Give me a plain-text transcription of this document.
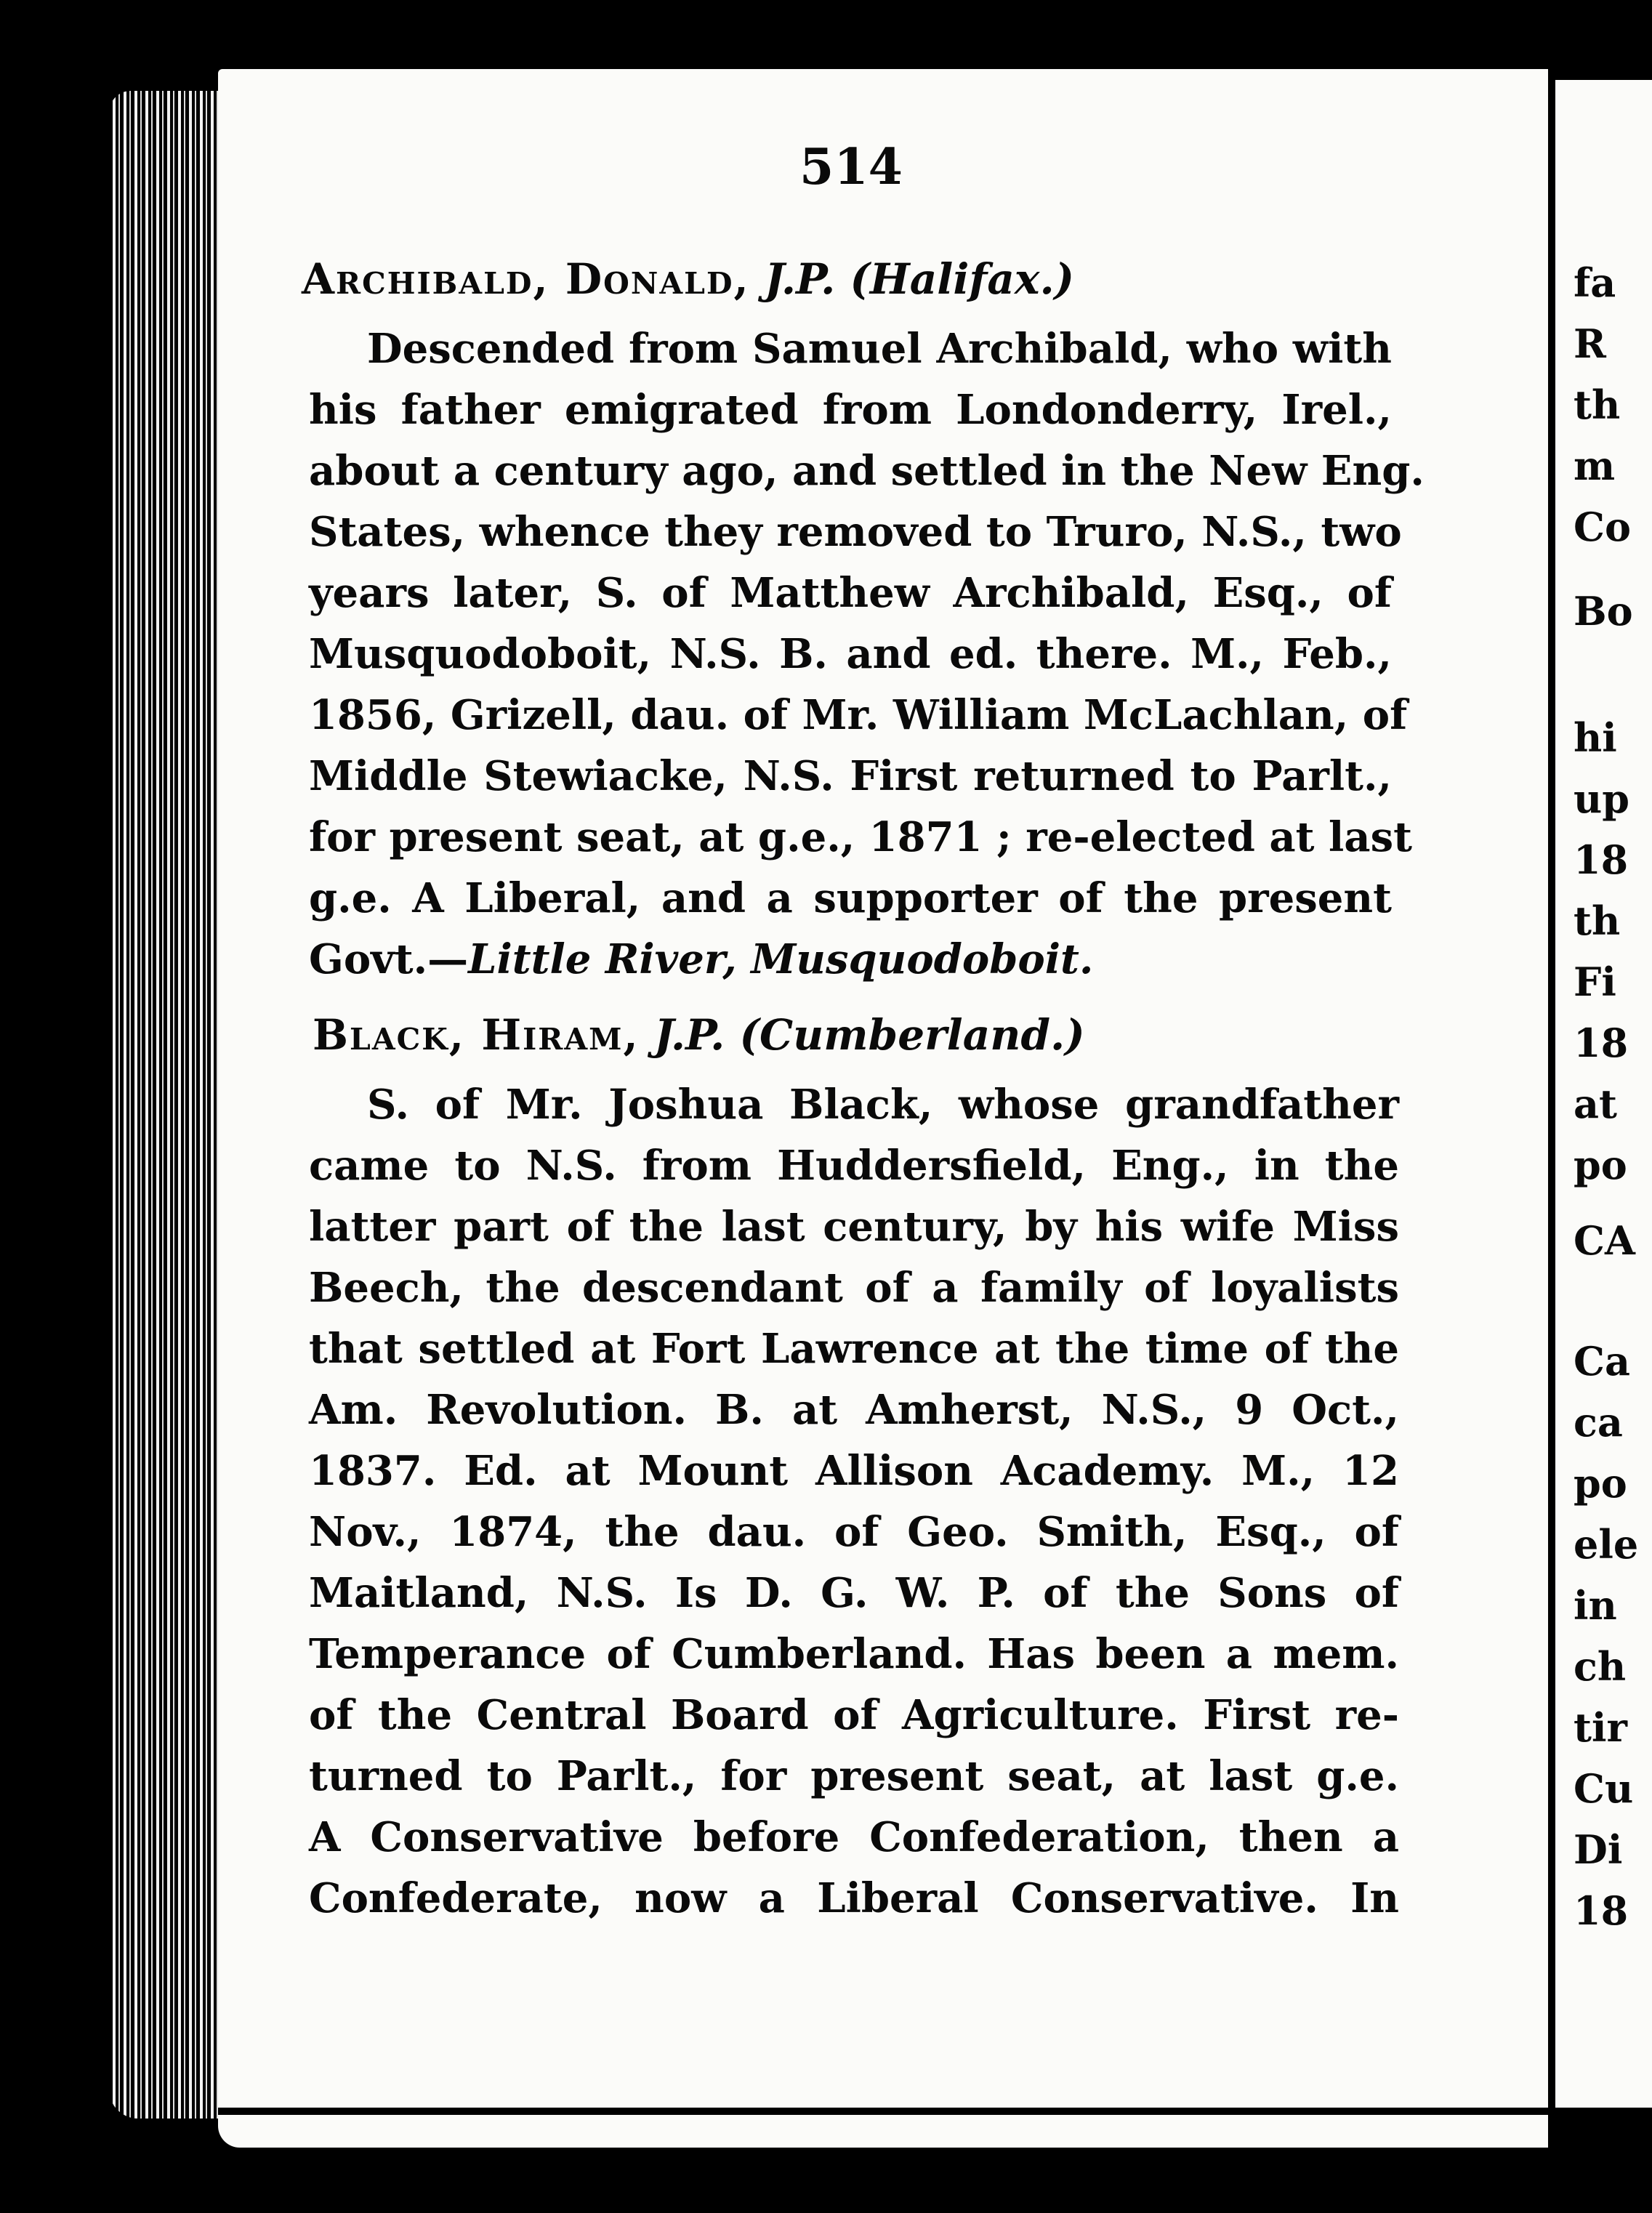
fa
R
th
m
Co
Bo
hi
up
18
th
Fi
18
at
po
CA
Ca
ca
po
ele
in
ch
tir
Cu
Di
18
514
Archibald, Donald, J.P. (Halifax.)
Descended from Samuel Archibald, who with
his father emigrated from Londonderry, Irel.,
about a century ago, and settled in the New Eng.
States, whence they removed to Truro, N.S., two
years later, S. of Matthew Archibald, Esq., of
Musquodoboit, N.S. B. and ed. there. M., Feb.,
1856, Grizell, dau. of Mr. William McLachlan, of
Middle Stewiacke, N.S. First returned to Parlt.,
for present seat, at g.e., 1871 ; re-elected at last
g.e. A Liberal, and a supporter of the present
Govt.—Little River, Musquodoboit.
Black, Hiram, J.P. (Cumberland.)
S. of Mr. Joshua Black, whose grandfather
came to N.S. from Huddersfield, Eng., in the
latter part of the last century, by his wife Miss
Beech, the descendant of a family of loyalists
that settled at Fort Lawrence at the time of the
Am. Revolution. B. at Amherst, N.S., 9 Oct.,
1837. Ed. at Mount Allison Academy. M., 12
Nov., 1874, the dau. of Geo. Smith, Esq., of
Maitland, N.S. Is D. G. W. P. of the Sons of
Temperance of Cumberland. Has been a mem.
of the Central Board of Agriculture. First re-
turned to Parlt., for present seat, at last g.e.
A Conservative before Confederation, then a
Confederate, now a Liberal Conservative. In
